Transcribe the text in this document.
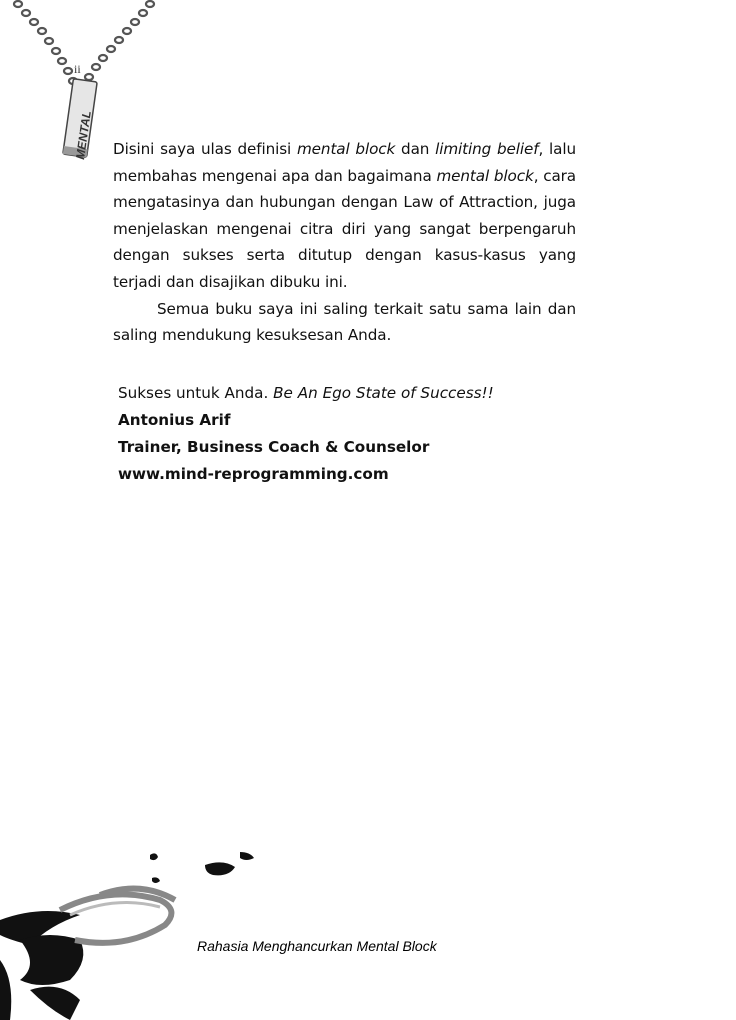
MENTAL
ii

Disini saya ulas definisi mental block dan limiting belief, lalu membahas mengenai apa dan bagaimana mental block, cara mengatasinya dan hubungan dengan Law of Attraction, juga menjelaskan mengenai citra diri yang sangat berpengaruh dengan sukses serta ditutup dengan kasus-kasus yang terjadi dan disajikan dibuku ini.

Semua buku saya ini saling terkait satu sama lain dan saling mendukung kesuksesan Anda.

Sukses untuk Anda. Be An Ego State of Success!!
Antonius Arif
Trainer, Business Coach & Counselor
www.mind-reprogramming.com
Rahasia Menghancurkan Mental Block
